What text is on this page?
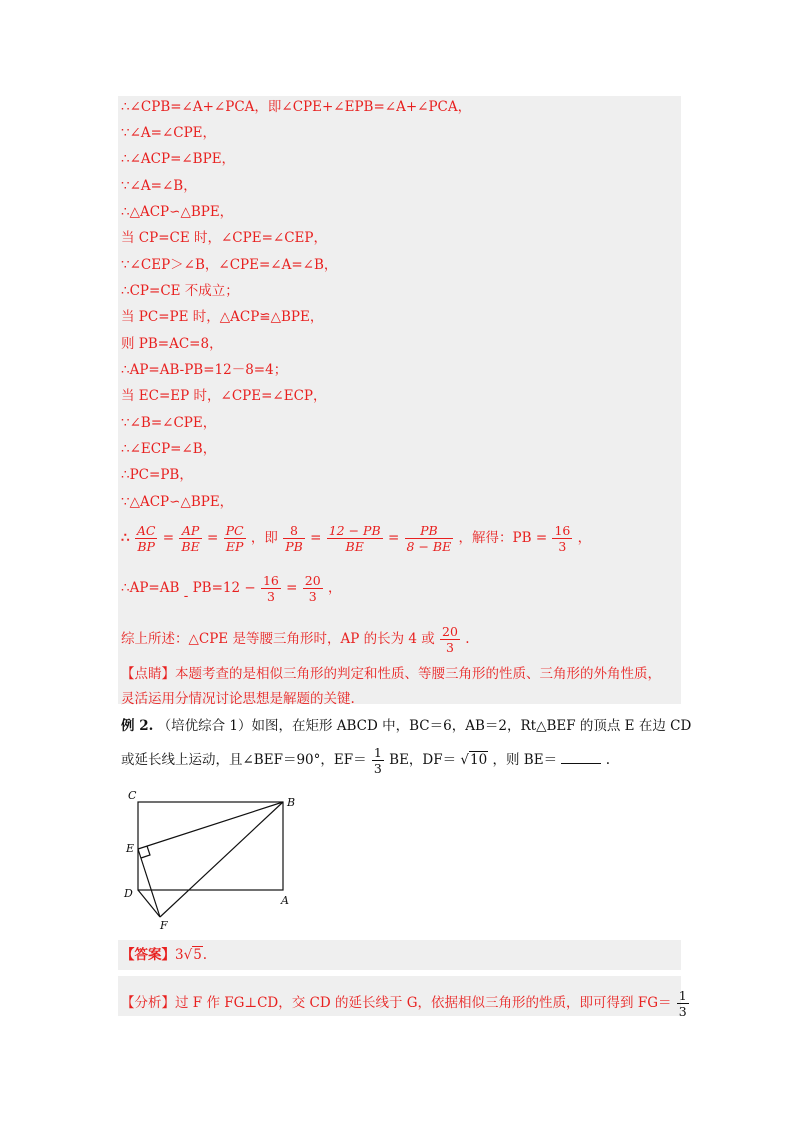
∴∠CPB=∠A+∠PCA，即∠CPE+∠EPB=∠A+∠PCA，
∵∠A=∠CPE，
∴∠ACP=∠BPE，
∵∠A=∠B，
∴△ACP∽△BPE，
当 CP=CE 时，∠CPE=∠CEP，
∵∠CEP＞∠B，∠CPE=∠A=∠B，
∴CP=CE 不成立；
当 PC=PE 时，△ACP≌△BPE，
则 PB=AC=8，
∴AP=AB-PB=12－8=4；
当 EC=EP 时，∠CPE=∠ECP，
∵∠B=∠CPE，
∴∠ECP=∠B，
∴PC=PB，
∵△ACP∽△BPE，
∴ $\frac{AC}{BP} = \frac{AP}{BE} = \frac{PC}{EP}$ ，即 $\frac{8}{PB} = \frac{12 - PB}{BE} = \frac{PB}{8 - BE}$ ，解得：PB = $\frac{16}{3}$ ，
∴AP=AB - $PB=12 - \frac{16}{3} = \frac{20}{3}$ ，
综上所述：△CPE 是等腰三角形时，AP 的长为 4 或 $\frac{20}{3}$ .
【点睛】本题考查的是相似三角形的判定和性质、等腰三角形的性质、三角形的外角性质，
灵活运用分情况讨论思想是解题的关键.
例 2. （培优综合 1）如图，在矩形 ABCD 中，BC＝6，AB＝2，Rt△BEF 的顶点 E 在边 CD
或延长线上运动，且∠BEF＝90°，$EF= \frac{1}{3}$ BE，DF＝ √10 ，则 BE＝	.
C
B
E
D
A
F
【答案】3√5.
【分析】过 F 作 FG⊥CD，交 CD 的延长线于 G，依据相似三角形的性质，即可得到 $FG= \frac{1}{3}$
